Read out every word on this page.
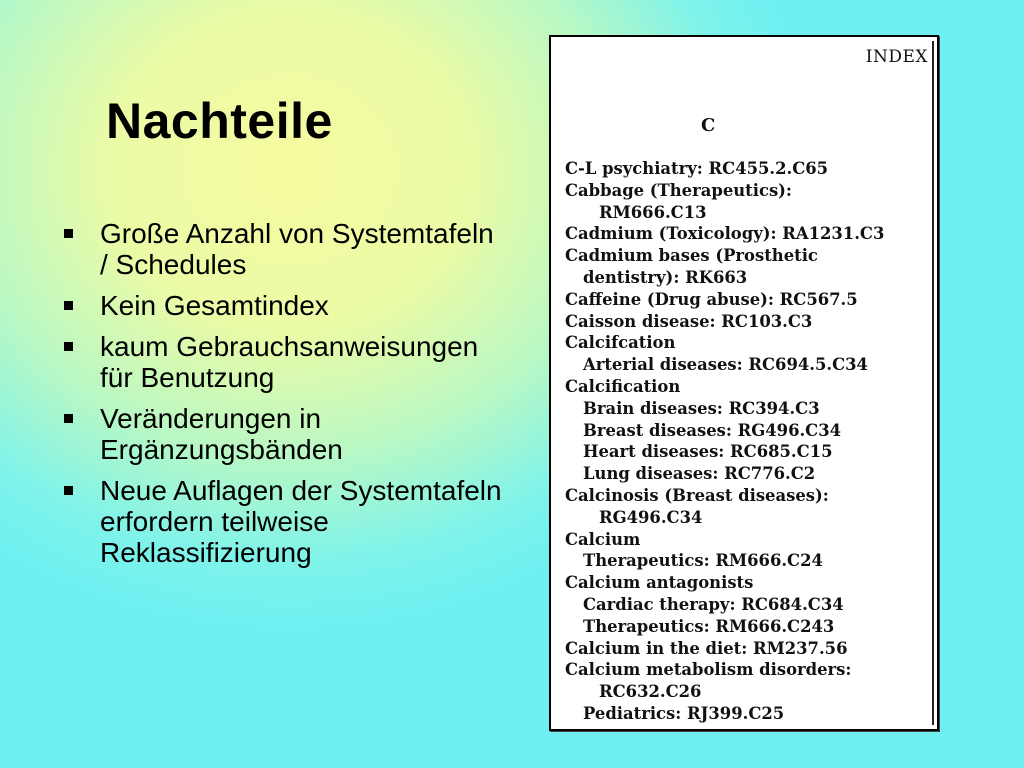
Nachteile
Große Anzahl von Systemtafeln / Schedules
Kein Gesamtindex
kaum Gebrauchsanweisungen für Benutzung
Veränderungen in Ergänzungsbänden
Neue Auflagen der Systemtafeln erfordern teilweise Reklassifizierung
INDEX
C
C-L psychiatry: RC455.2.C65
Cabbage (Therapeutics):
RM666.C13
Cadmium (Toxicology): RA1231.C3
Cadmium bases (Prosthetic
dentistry): RK663
Caffeine (Drug abuse): RC567.5
Caisson disease: RC103.C3
Calcifcation
Arterial diseases: RC694.5.C34
Calcification
Brain diseases: RC394.C3
Breast diseases: RG496.C34
Heart diseases: RC685.C15
Lung diseases: RC776.C2
Calcinosis (Breast diseases):
RG496.C34
Calcium
Therapeutics: RM666.C24
Calcium antagonists
Cardiac therapy: RC684.C34
Therapeutics: RM666.C243
Calcium in the diet: RM237.56
Calcium metabolism disorders:
RC632.C26
Pediatrics: RJ399.C25
